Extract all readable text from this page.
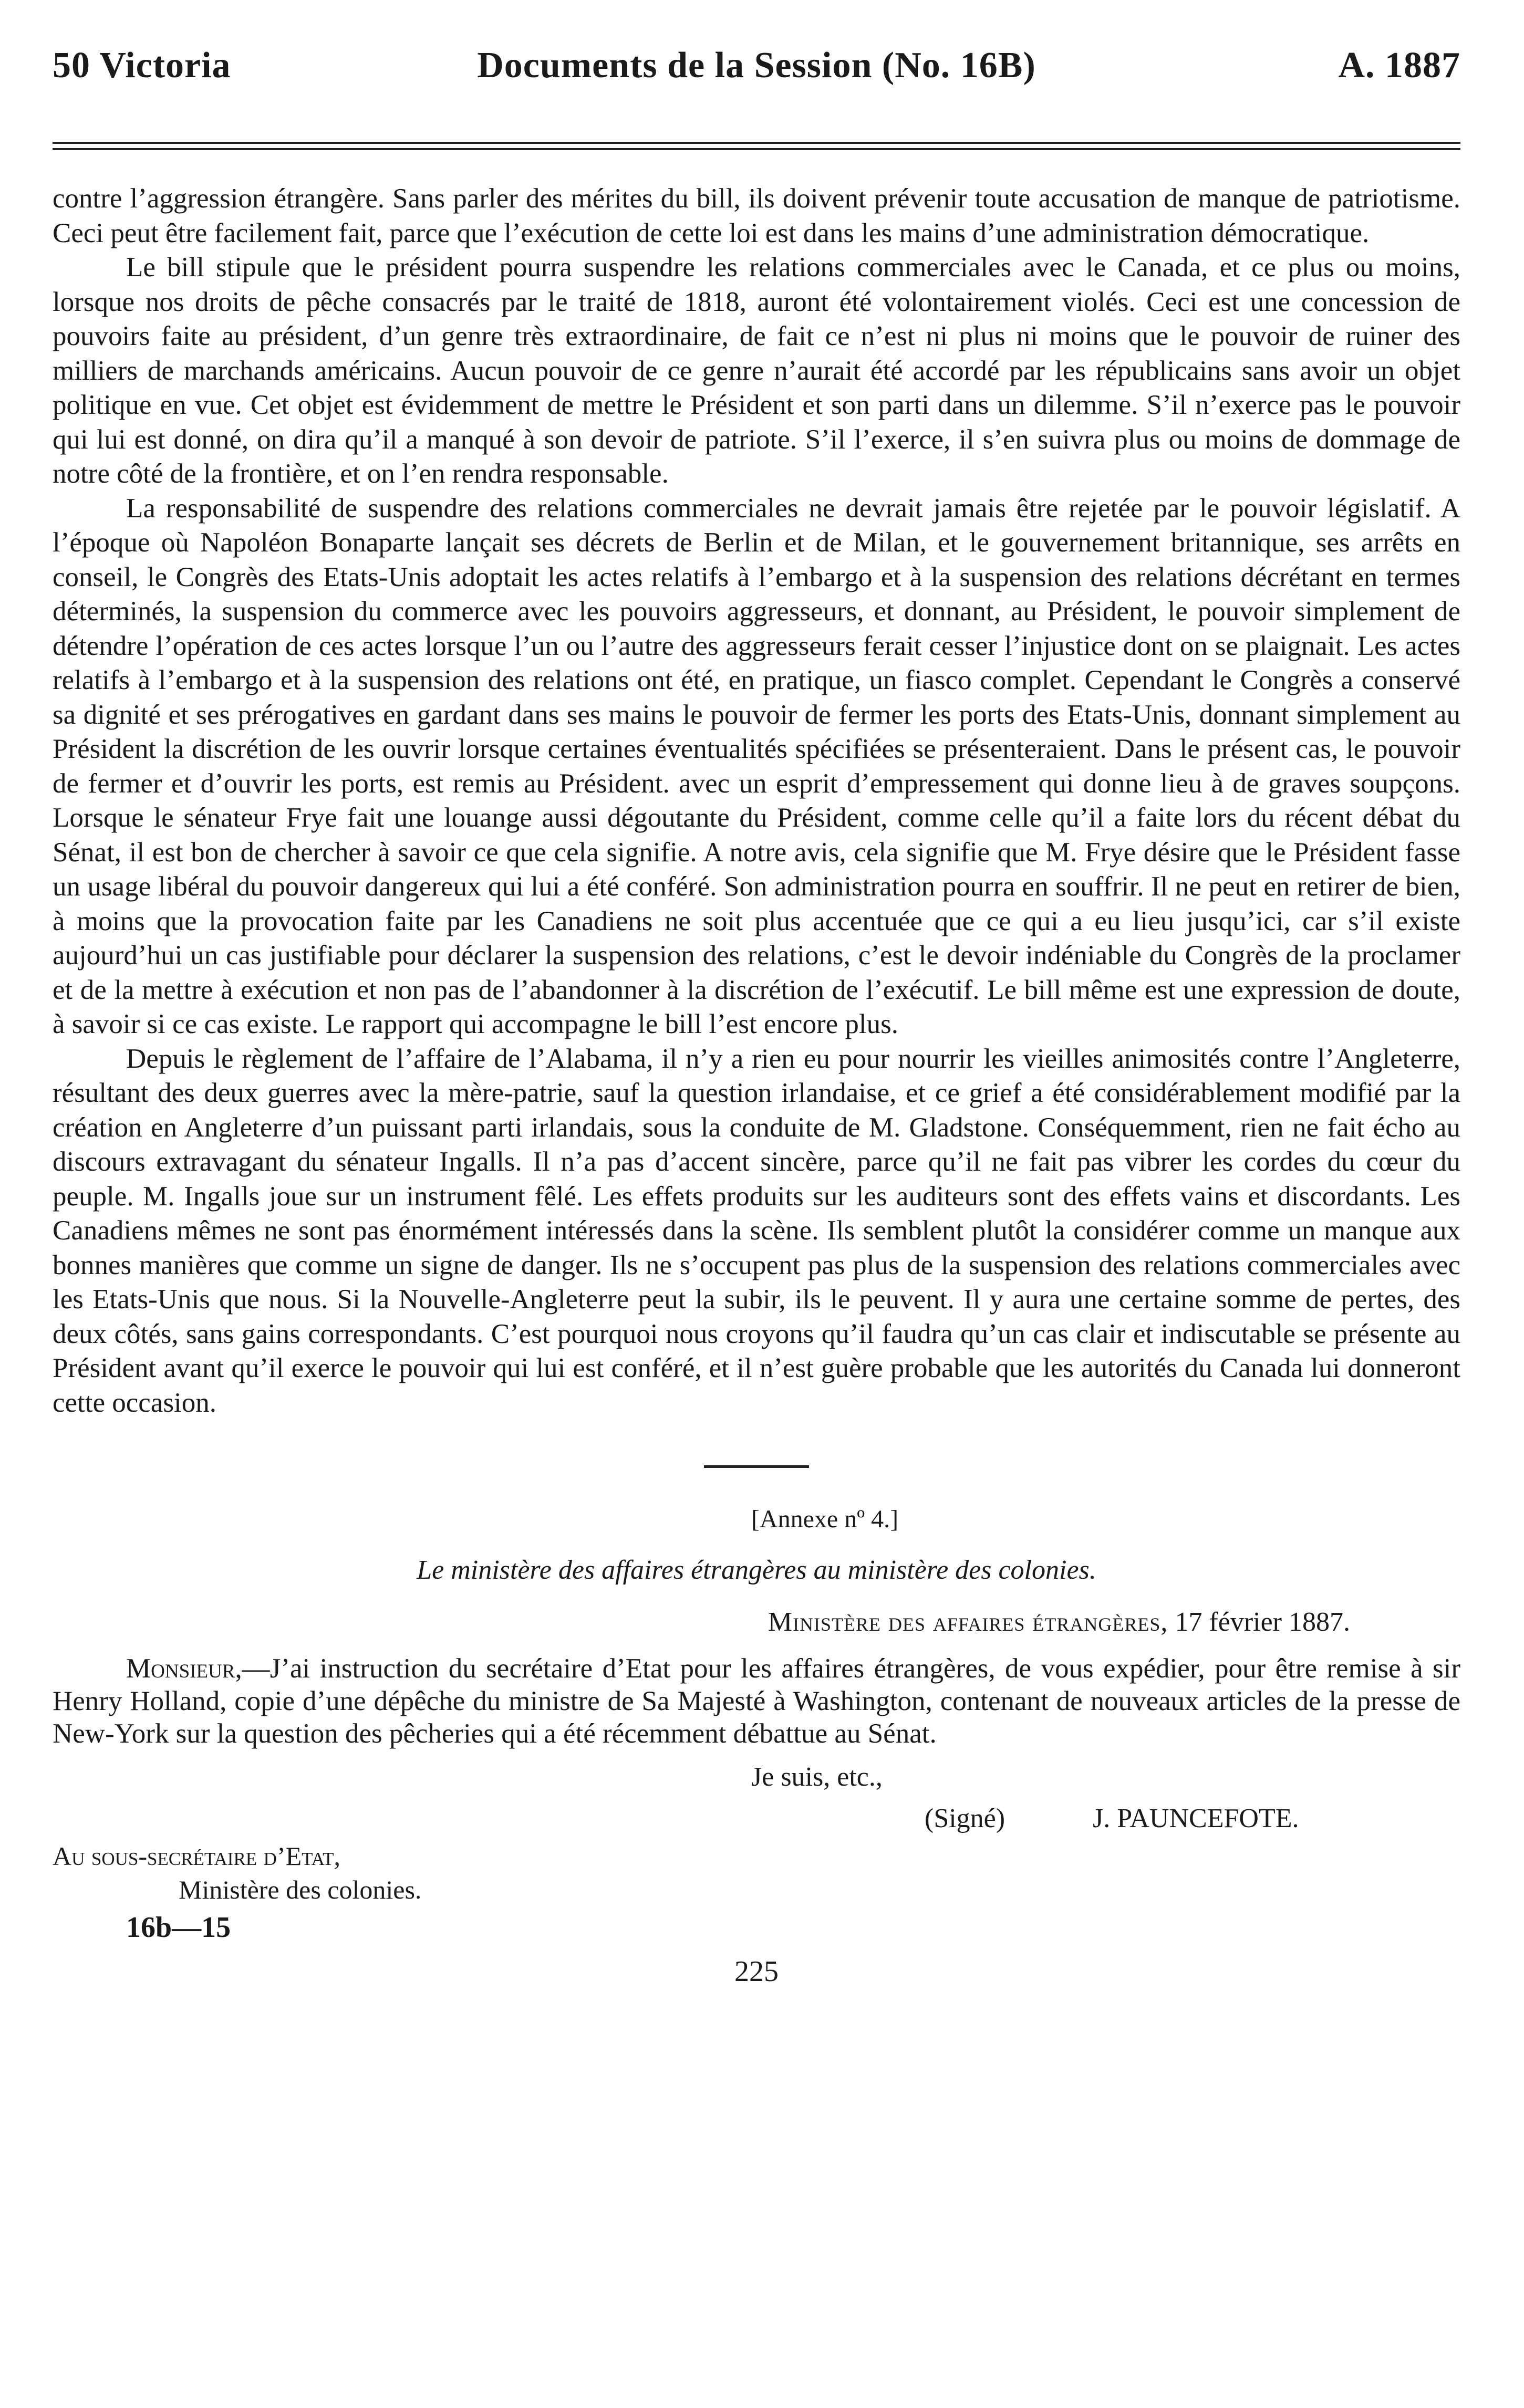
50 Victoria	Documents de la Session (No. 16B)	A. 1887

contre l’aggression étrangère. Sans parler des mérites du bill, ils doivent prévenir toute accusation de manque de patriotisme. Ceci peut être facilement fait, parce que l’exécution de cette loi est dans les mains d’une administration démocratique.

Le bill stipule que le président pourra suspendre les relations commerciales avec le Canada, et ce plus ou moins, lorsque nos droits de pêche consacrés par le traité de 1818, auront été volontairement violés. Ceci est une concession de pouvoirs faite au président, d’un genre très extraordinaire, de fait ce n’est ni plus ni moins que le pouvoir de ruiner des milliers de marchands américains. Aucun pouvoir de ce genre n’aurait été accordé par les républicains sans avoir un objet politique en vue. Cet objet est évidemment de mettre le Président et son parti dans un dilemme. S’il n’exerce pas le pouvoir qui lui est donné, on dira qu’il a manqué à son devoir de patriote. S’il l’exerce, il s’en suivra plus ou moins de dommage de notre côté de la frontière, et on l’en rendra responsable.

La responsabilité de suspendre des relations commerciales ne devrait jamais être rejetée par le pouvoir législatif. A l’époque où Napoléon Bonaparte lançait ses décrets de Berlin et de Milan, et le gouvernement britannique, ses arrêts en conseil, le Congrès des Etats-Unis adoptait les actes relatifs à l’embargo et à la suspension des relations décrétant en termes déterminés, la suspension du commerce avec les pouvoirs aggresseurs, et donnant, au Président, le pouvoir simplement de détendre l’opération de ces actes lorsque l’un ou l’autre des aggresseurs ferait cesser l’injustice dont on se plaignait. Les actes relatifs à l’embargo et à la suspension des relations ont été, en pratique, un fiasco complet. Cependant le Congrès a conservé sa dignité et ses prérogatives en gardant dans ses mains le pouvoir de fermer les ports des Etats-Unis, donnant simplement au Président la discrétion de les ouvrir lorsque certaines éventualités spécifiées se présenteraient. Dans le présent cas, le pouvoir de fermer et d’ouvrir les ports, est remis au Président. avec un esprit d’empressement qui donne lieu à de graves soupçons. Lorsque le sénateur Frye fait une louange aussi dégoutante du Président, comme celle qu’il a faite lors du récent débat du Sénat, il est bon de chercher à savoir ce que cela signifie. A notre avis, cela signifie que M. Frye désire que le Président fasse un usage libéral du pouvoir dangereux qui lui a été conféré. Son administration pourra en souffrir. Il ne peut en retirer de bien, à moins que la provocation faite par les Canadiens ne soit plus accentuée que ce qui a eu lieu jusqu’ici, car s’il existe aujourd’hui un cas justifiable pour déclarer la suspension des relations, c’est le devoir indéniable du Congrès de la proclamer et de la mettre à exécution et non pas de l’abandonner à la discrétion de l’exécutif. Le bill même est une expression de doute, à savoir si ce cas existe. Le rapport qui accompagne le bill l’est encore plus.

Depuis le règlement de l’affaire de l’Alabama, il n’y a rien eu pour nourrir les vieilles animosités contre l’Angleterre, résultant des deux guerres avec la mère-patrie, sauf la question irlandaise, et ce grief a été considérablement modifié par la création en Angleterre d’un puissant parti irlandais, sous la conduite de M. Gladstone. Conséquemment, rien ne fait écho au discours extravagant du sénateur Ingalls. Il n’a pas d’accent sincère, parce qu’il ne fait pas vibrer les cordes du cœur du peuple. M. Ingalls joue sur un instrument fêlé. Les effets produits sur les auditeurs sont des effets vains et discordants. Les Canadiens mêmes ne sont pas énormément intéressés dans la scène. Ils semblent plutôt la considérer comme un manque aux bonnes manières que comme un signe de danger. Ils ne s’occupent pas plus de la suspension des relations commerciales avec les Etats-Unis que nous. Si la Nouvelle-Angleterre peut la subir, ils le peuvent. Il y aura une certaine somme de pertes, des deux côtés, sans gains correspondants. C’est pourquoi nous croyons qu’il faudra qu’un cas clair et indiscutable se présente au Président avant qu’il exerce le pouvoir qui lui est conféré, et il n’est guère probable que les autorités du Canada lui donneront cette occasion.

[Annexe nº 4.]
Le ministère des affaires étrangères au ministère des colonies.
Ministère des affaires étrangères, 17 février 1887.

Monsieur,—J’ai instruction du secrétaire d’Etat pour les affaires étrangères, de vous expédier, pour être remise à sir Henry Holland, copie d’une dépêche du ministre de Sa Majesté à Washington, contenant de nouveaux articles de la presse de New-York sur la question des pêcheries qui a été récemment débattue au Sénat.

Je suis, etc.,
(Signé)	J. PAUNCEFOTE.
Au sous-secrétaire d’Etat,
Ministère des colonies.
16b—15
225
